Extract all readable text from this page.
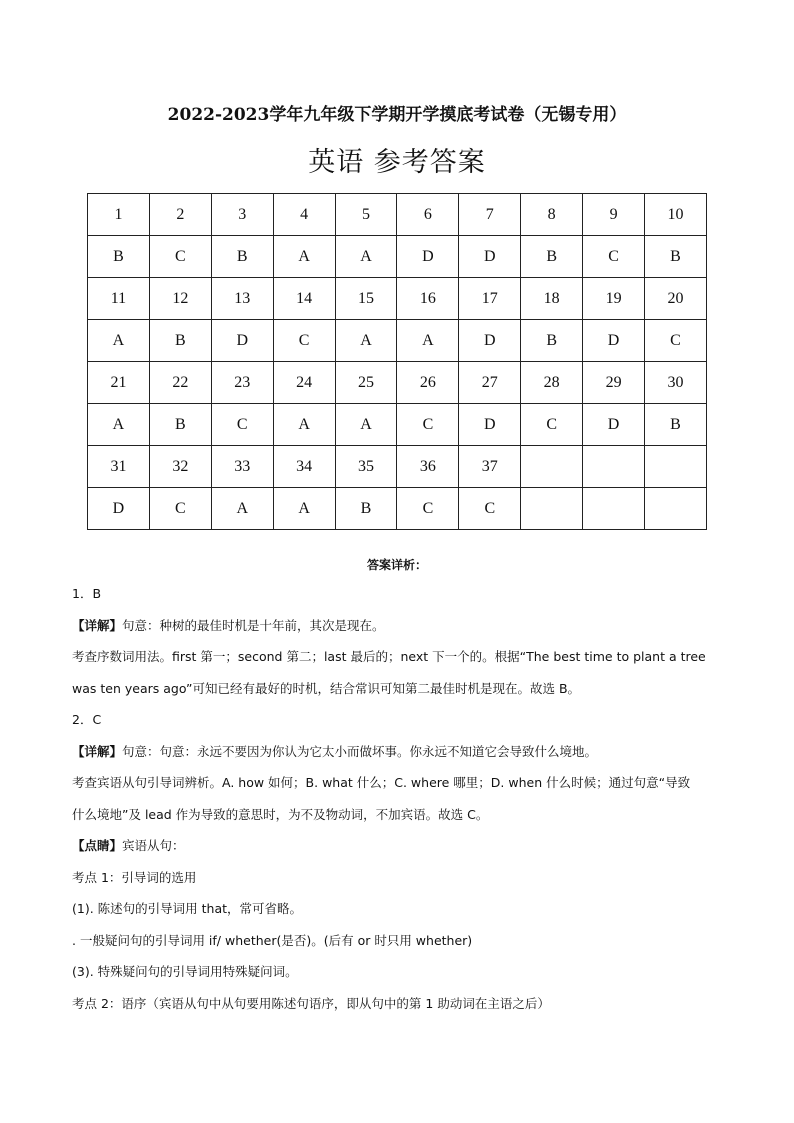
2022-2023学年九年级下学期开学摸底考试卷（无锡专用）
英语 参考答案
1	2	3	4	5	6	7	8	9	10
B	C	B	A	A	D	D	B	C	B
11	12	13	14	15	16	17	18	19	20
A	B	D	C	A	A	D	B	D	C
21	22	23	24	25	26	27	28	29	30
A	B	C	A	A	C	D	C	D	B
31	32	33	34	35	36	37			
D	C	A	A	B	C	C			
答案详析：
1．B
【详解】句意：种树的最佳时机是十年前，其次是现在。
考查序数词用法。first 第一；second 第二；last 最后的；next 下一个的。根据“The best time to plant a tree
was ten years ago”可知已经有最好的时机，结合常识可知第二最佳时机是现在。故选 B。
2．C
【详解】句意：句意：永远不要因为你认为它太小而做坏事。你永远不知道它会导致什么境地。
考查宾语从句引导词辨析。A. how 如何；B. what 什么；C. where 哪里；D. when 什么时候；通过句意“导致
什么境地”及 lead 作为导致的意思时，为不及物动词，不加宾语。故选 C。
【点睛】宾语从句：
考点 1：引导词的选用
(1). 陈述句的引导词用 that，常可省略。
. 一般疑问句的引导词用 if/ whether(是否)。(后有 or 时只用 whether)
(3). 特殊疑问句的引导词用特殊疑问词。
考点 2：语序（宾语从句中从句要用陈述句语序，即从句中的第 1 助动词在主语之后）
